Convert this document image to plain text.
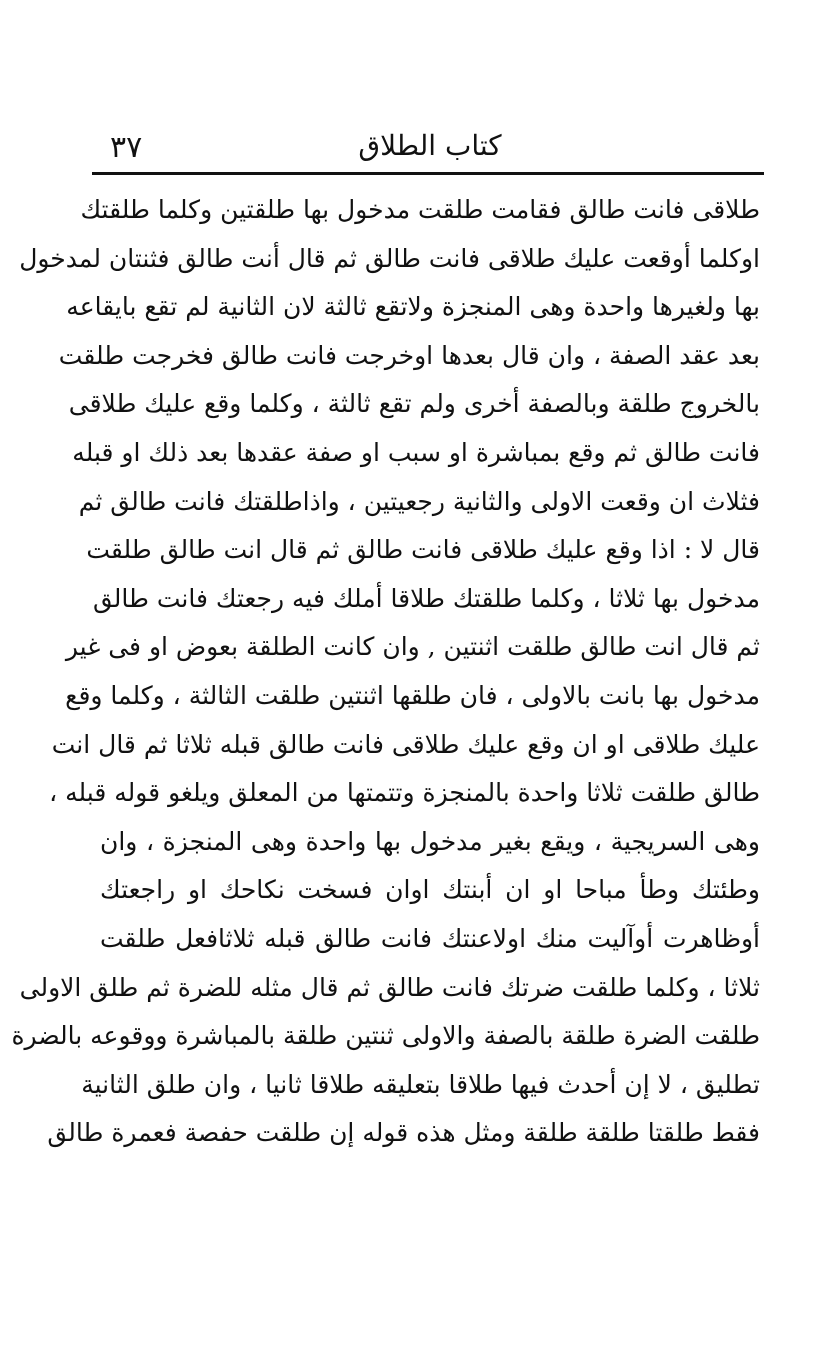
٣٧	كتاب الطلاق
طلاقى فانت طالق فقامت طلقت مدخول بها طلقتين وكلما طلقتك
اوكلما أوقعت عليك طلاقى فانت طالق ثم قال أنت طالق فثنتان لمدخول
بها ولغيرها واحدة وهى المنجزة ولاتقع ثالثة لان الثانية لم تقع بايقاعه
بعد عقد الصفة ، وان قال بعدها اوخرجت فانت طالق فخرجت طلقت
بالخروج طلقة وبالصفة أخرى ولم تقع ثالثة ، وكلما وقع عليك طلاقى
فانت طالق ثم وقع بمباشرة او سبب او صفة عقدها بعد ذلك او قبله
فثلاث ان وقعت الاولى والثانية رجعيتين ، واذاطلقتك فانت طالق ثم
قال لا : اذا وقع عليك طلاقى فانت طالق ثم قال انت طالق طلقت
مدخول بها ثلاثا ، وكلما طلقتك طلاقا أملك فيه رجعتك فانت طالق
ثم قال انت طالق طلقت اثنتين , وان كانت الطلقة بعوض او فى غير
مدخول بها بانت بالاولى ، فان طلقها اثنتين طلقت الثالثة ، وكلما وقع
عليك طلاقى او ان وقع عليك طلاقى فانت طالق قبله ثلاثا ثم قال انت
طالق طلقت ثلاثا واحدة بالمنجزة وتتمتها من المعلق ويلغو قوله قبله ،
وهى السريجية ، ويقع بغير مدخول بها واحدة وهى المنجزة ، وان
وطئتك وطأ مباحا او ان أبنتك اوان فسخت نكاحك او راجعتك
أوظاهرت أوآليت منك اولاعنتك فانت طالق قبله ثلاثافعل طلقت
ثلاثا ، وكلما طلقت ضرتك فانت طالق ثم قال مثله للضرة ثم طلق الاولى
طلقت الضرة طلقة بالصفة والاولى ثنتين طلقة بالمباشرة ووقوعه بالضرة
تطليق ، لا إن أحدث فيها طلاقا بتعليقه طلاقا ثانيا ، وان طلق الثانية
فقط طلقتا طلقة طلقة ومثل هذه قوله إن طلقت حفصة فعمرة طالق
